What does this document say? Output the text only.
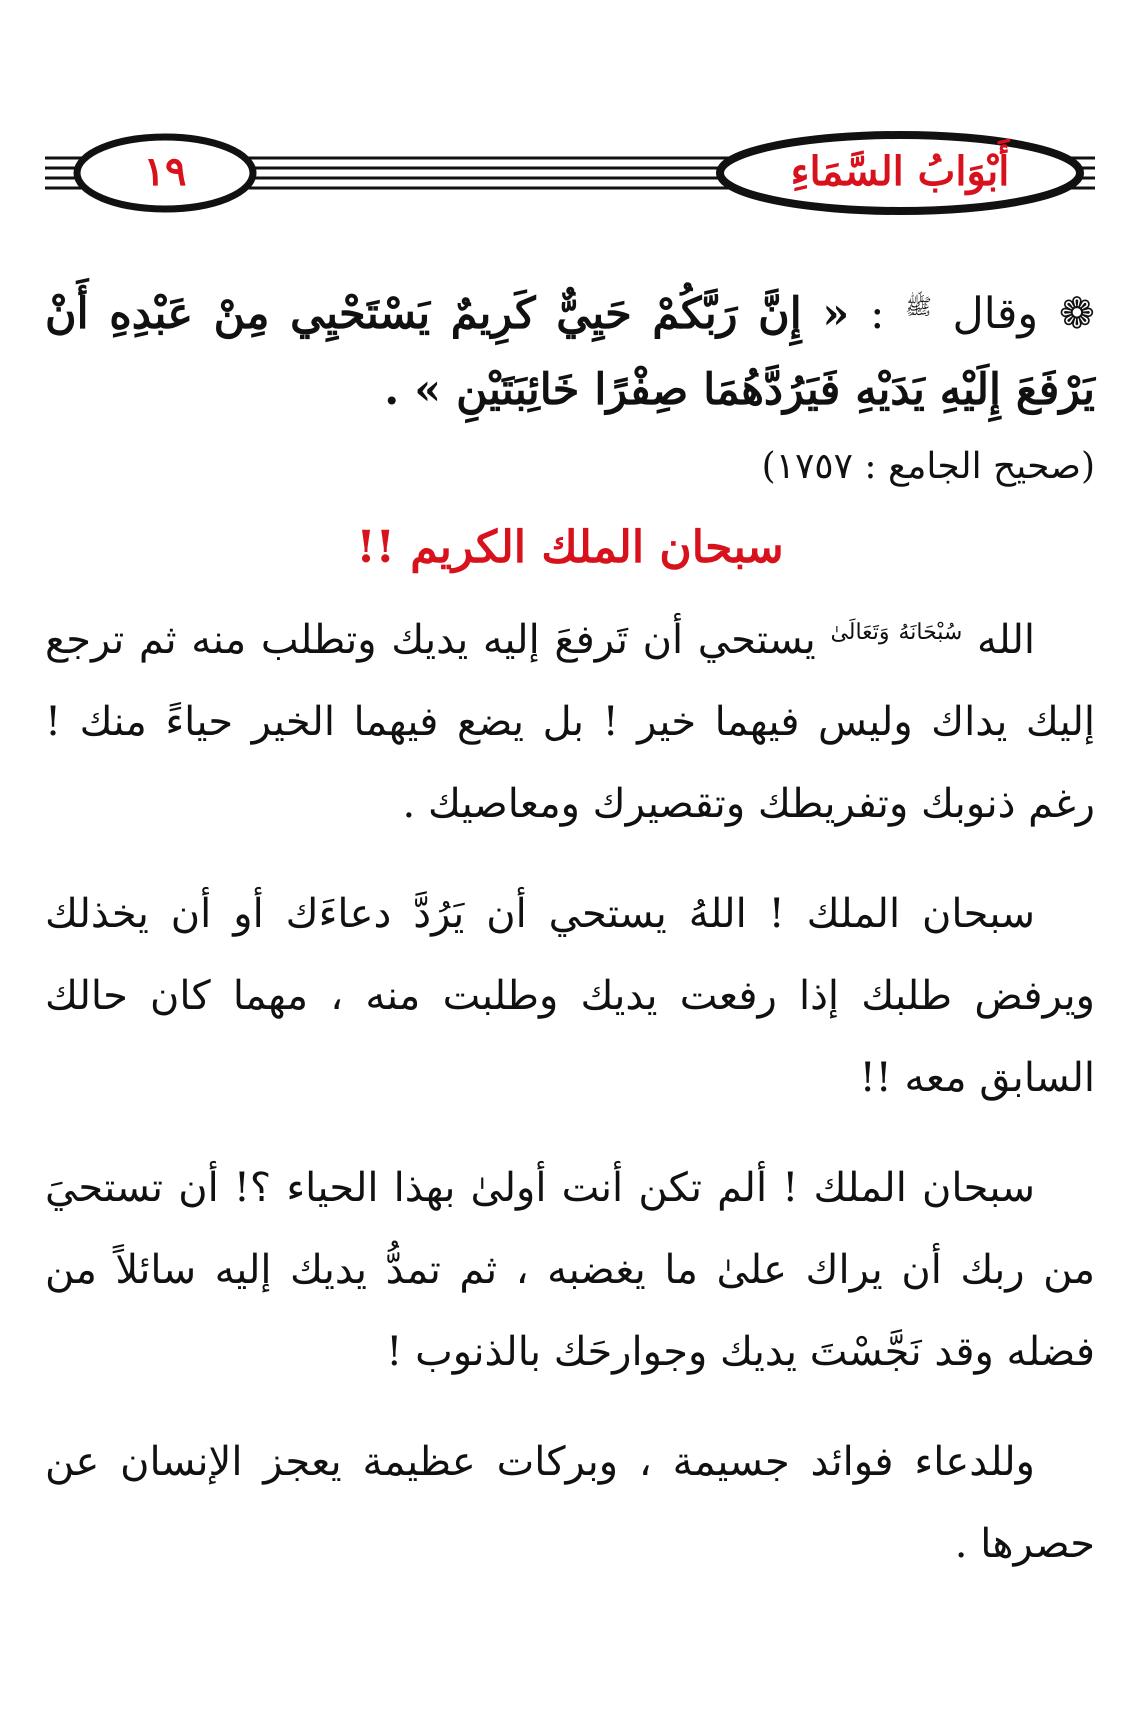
أَبْوَابُ السَّمَاءِ
١٩

❁ وقال $^ﷺ$ : « إِنَّ رَبَّكُمْ حَيِيٌّ كَرِيمٌ يَسْتَحْيِي مِنْ عَبْدِهِ أَنْ يَرْفَعَ إِلَيْهِ يَدَيْهِ فَيَرُدَّهُمَا صِفْرًا خَائِبَتَيْنِ » .

(صحيح الجامع : ١٧٥٧)

سبحان الملك الكريم !!

الله $^{سُبْحَانَهُ وَتَعَالَىٰ}$ يستحي أن تَرفعَ إليه يديك وتطلب منه ثم ترجع إليك يداك وليس فيهما خير ! بل يضع فيهما الخير حياءً منك ! رغم ذنوبك وتفريطك وتقصيرك ومعاصيك .

سبحان الملك ! اللهُ يستحي أن يَرُدَّ دعاءَك أو أن يخذلك ويرفض طلبك إذا رفعت يديك وطلبت منه ، مهما كان حالك السابق معه !!

سبحان الملك ! ألم تكن أنت أولىٰ بهذا الحياء ؟! أن تستحيَ من ربك أن يراك علىٰ ما يغضبه ، ثم تمدُّ يديك إليه سائلاً من فضله وقد نَجَّسْتَ يديك وجوارحَك بالذنوب !

وللدعاء فوائد جسيمة ، وبركات عظيمة يعجز الإنسان عن حصرها .
